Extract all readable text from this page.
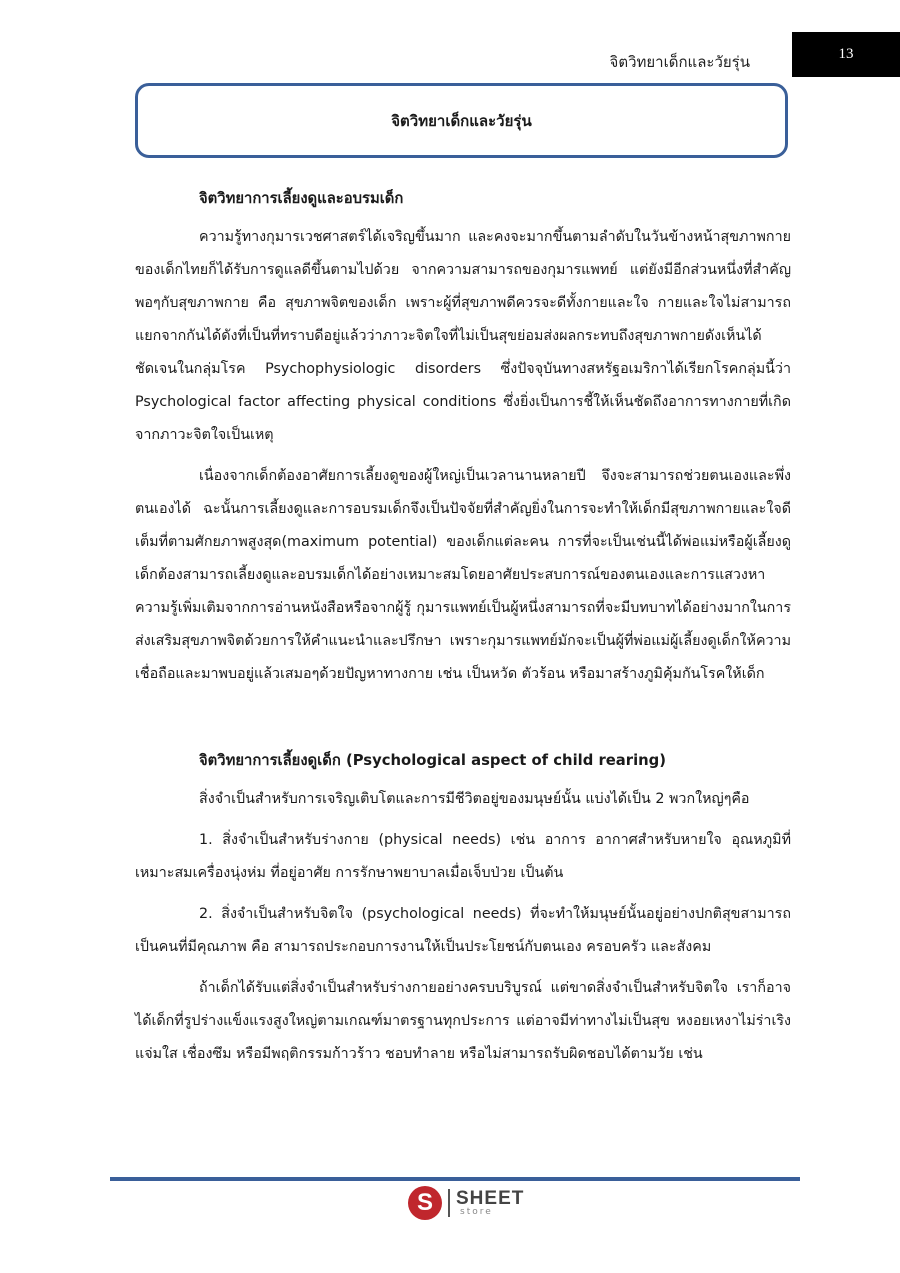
จิตวิทยาเด็กและวัยรุ่น	13
จิตวิทยาเด็กและวัยรุ่น
จิตวิทยาการเลี้ยงดูและอบรมเด็ก

ความรู้ทางกุมารเวชศาสตร์ได้เจริญขึ้นมาก และคงจะมากขึ้นตามลำดับในวันข้างหน้าสุขภาพกายของเด็กไทยก็ได้รับการดูแลดีขึ้นตามไปด้วย จากความสามารถของกุมารแพทย์ แต่ยังมีอีกส่วนหนึ่งที่สำคัญพอๆกับสุขภาพกาย คือ สุขภาพจิตของเด็ก เพราะผู้ที่สุขภาพดีควรจะดีทั้งกายและใจ กายและใจไม่สามารถแยกจากกันได้ดังที่เป็นที่ทราบดีอยู่แล้วว่าภาวะจิตใจที่ไม่เป็นสุขย่อมส่งผลกระทบถึงสุขภาพกายดังเห็นได้ชัดเจนในกลุ่มโรค Psychophysiologic disorders ซึ่งปัจจุบันทางสหรัฐอเมริกาได้เรียกโรคกลุ่มนี้ว่า Psychological factor affecting physical conditions ซึ่งยิ่งเป็นการชี้ให้เห็นชัดถึงอาการทางกายที่เกิดจากภาวะจิตใจเป็นเหตุ

เนื่องจากเด็กต้องอาศัยการเลี้ยงดูของผู้ใหญ่เป็นเวลานานหลายปี จึงจะสามารถช่วยตนเองและพึ่งตนเองได้ ฉะนั้นการเลี้ยงดูและการอบรมเด็กจึงเป็นปัจจัยที่สำคัญยิ่งในการจะทำให้เด็กมีสุขภาพกายและใจดีเต็มที่ตามศักยภาพสูงสุด(maximum potential) ของเด็กแต่ละคน การที่จะเป็นเช่นนี้ได้พ่อแม่หรือผู้เลี้ยงดูเด็กต้องสามารถเลี้ยงดูและอบรมเด็กได้อย่างเหมาะสมโดยอาศัยประสบการณ์ของตนเองและการแสวงหาความรู้เพิ่มเติมจากการอ่านหนังสือหรือจากผู้รู้ กุมารแพทย์เป็นผู้หนึ่งสามารถที่จะมีบทบาทได้อย่างมากในการส่งเสริมสุขภาพจิตด้วยการให้คำแนะนำและปรึกษา เพราะกุมารแพทย์มักจะเป็นผู้ที่พ่อแม่ผู้เลี้ยงดูเด็กให้ความเชื่อถือและมาพบอยู่แล้วเสมอๆด้วยปัญหาทางกาย เช่น เป็นหวัด ตัวร้อน หรือมาสร้างภูมิคุ้มกันโรคให้เด็ก

จิตวิทยาการเลี้ยงดูเด็ก (Psychological aspect of child rearing)

สิ่งจำเป็นสำหรับการเจริญเติบโตและการมีชีวิตอยู่ของมนุษย์นั้น แบ่งได้เป็น 2 พวกใหญ่ๆคือ

1. สิ่งจำเป็นสำหรับร่างกาย (physical needs) เช่น อาการ อากาศสำหรับหายใจ อุณหภูมิที่เหมาะสมเครื่องนุ่งห่ม ที่อยู่อาศัย การรักษาพยาบาลเมื่อเจ็บป่วย เป็นต้น

2. สิ่งจำเป็นสำหรับจิตใจ (psychological needs) ที่จะทำให้มนุษย์นั้นอยู่อย่างปกติสุขสามารถเป็นคนที่มีคุณภาพ คือ สามารถประกอบการงานให้เป็นประโยชน์กับตนเอง ครอบครัว และสังคม

ถ้าเด็กได้รับแต่สิ่งจำเป็นสำหรับร่างกายอย่างครบบริบูรณ์ แต่ขาดสิ่งจำเป็นสำหรับจิตใจ เราก็อาจได้เด็กที่รูปร่างแข็งแรงสูงใหญ่ตามเกณฑ์มาตรฐานทุกประการ แต่อาจมีท่าทางไม่เป็นสุข หงอยเหงาไม่ร่าเริงแจ่มใส เชื่องซึม หรือมีพฤติกรรมก้าวร้าว ชอบทำลาย หรือไม่สามารถรับผิดชอบได้ตามวัย เช่น

S	SHEET
store
